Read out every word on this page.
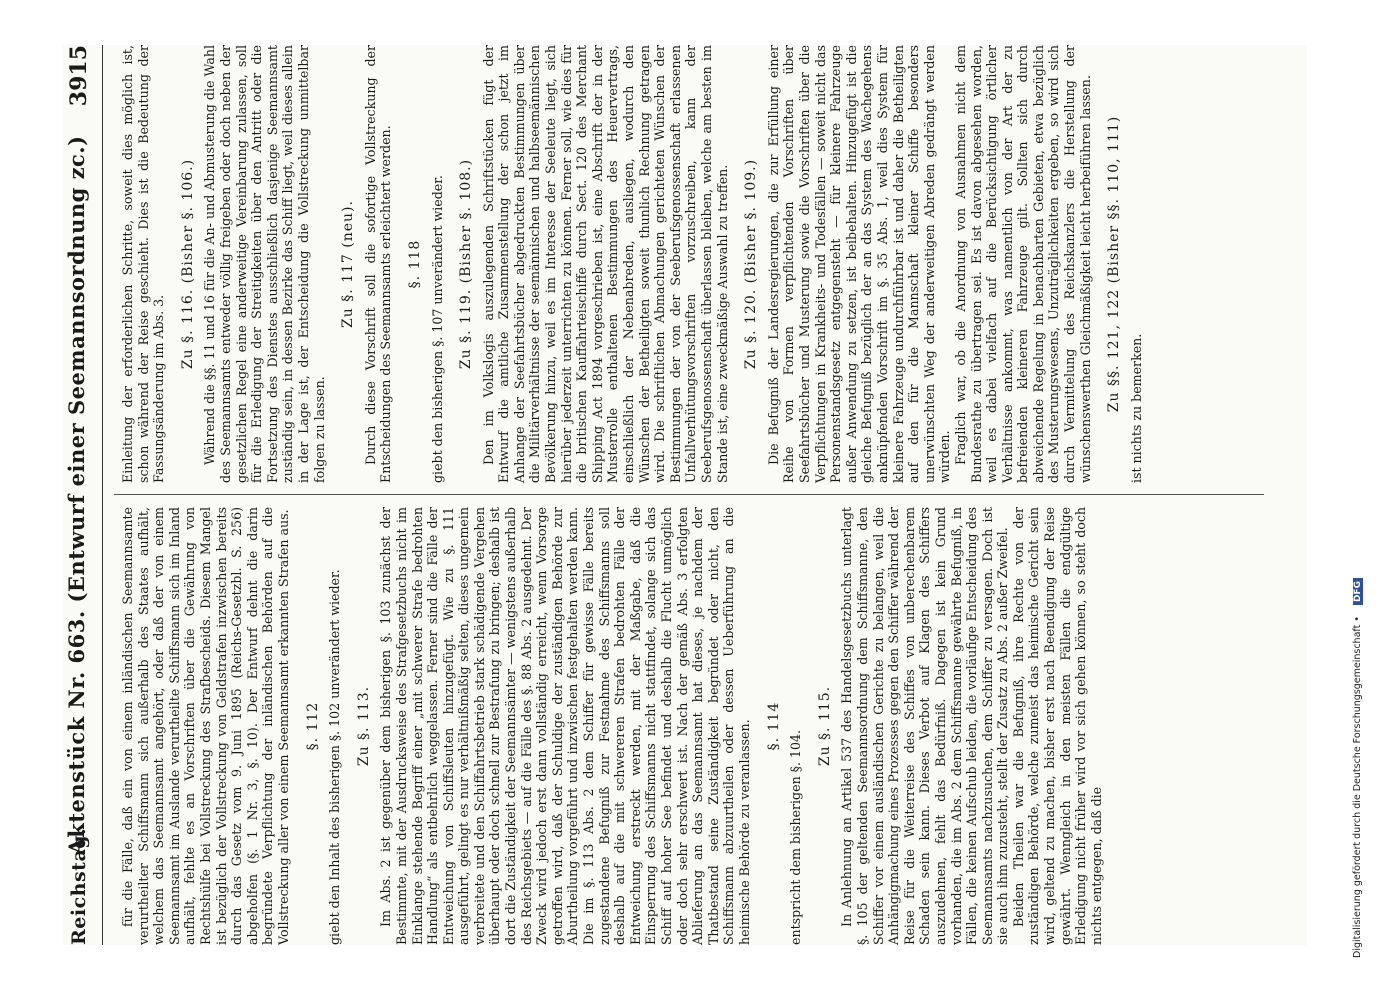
Reichstag.
Aktenstück Nr. 663. (Entwurf einer Seemannsordnung zc.)
3915

für die Fälle, daß ein von einem inländischen Seemannsamte verurtheilter Schiffsmann sich außerhalb des Staates aufhält, welchem das Seemannsamt angehört, oder daß der von einem Seemannsamt im Auslande verurtheilte Schiffsmann sich im Inland aufhält, fehlte es an Vorschriften über die Gewährung von Rechtshülfe bei Vollstreckung des Strafbescheids. Diesem Mangel ist bezüglich der Vollstreckung von Geldstrafen inzwischen bereits durch das Gesetz vom 9. Juni 1895 (Reichs-Gesetzbl. S. 256) abgeholfen (§. 1 Nr. 3, §. 10). Der Entwurf dehnt die darin begründete Verpflichtung der inländischen Behörden auf die Vollstreckung aller von einem Seemannsamt erkannten Strafen aus. §. 112 giebt den Inhalt des bisherigen §. 102 unverändert wieder. Zu §. 113. Im Abs. 2 ist gegenüber dem bisherigen §. 103 zunächst der Bestimmte, mit der Ausdrucksweise des Strafgesetzbuchs nicht im Einklange stehende Begriff einer „mit schwerer Strafe bedrohten Handlung“ als entbehrlich weggelassen. Ferner sind die Fälle der Entweichung von Schiffsleuten hinzugefügt. Wie zu §. 111 ausgeführt, gelingt es nur verhältnißmäßig selten, dieses ungemein verbreitete und den Schiffahrtsbetrieb stark schädigende Vergehen überhaupt oder doch schnell zur Bestrafung zu bringen; deshalb ist dort die Zuständigkeit der Seemannsämter — wenigstens außerhalb des Reichsgebiets — auf die Fälle des §. 88 Abs. 2 ausgedehnt. Der Zweck wird jedoch erst dann vollständig erreicht, wenn Vorsorge getroffen wird, daß der Schuldige der zuständigen Behörde zur Aburtheilung vorgeführt und inzwischen festgehalten werden kann. Die im §. 113 Abs. 2 dem Schiffer für gewisse Fälle bereits zugestandene Befugniß zur Festnahme des Schiffsmanns soll deshalb auf die mit schwereren Strafen bedrohten Fälle der Entweichung erstreckt werden, mit der Maßgabe, daß die Einsperrung des Schiffsmanns nicht stattfindet, solange sich das Schiff auf hoher See befindet und deshalb die Flucht unmöglich oder doch sehr erschwert ist. Nach der gemäß Abs. 3 erfolgten Ablieferung an das Seemannsamt hat dieses, je nachdem der Thatbestand seine Zuständigkeit begründet oder nicht, den Schiffsmann abzuurtheilen oder dessen Ueberführung an die heimische Behörde zu veranlassen. §. 114

entspricht dem bisherigen §. 104.

Zu §. 115. In Anlehnung an Artikel 537 des Handelsgesetzbuchs unterlagt §. 105 der geltenden Seemannsordnung dem Schiffsmanne, den Schiffer vor einem ausländischen Gerichte zu belangen, weil die Anhängigmachung eines Prozesses gegen den Schiffer während der Reise für die Weiterreise des Schiffes von unberechenbarem Schaden sein kann. Dieses Verbot auf Klagen des Schiffers auszudehnen, fehlt das Bedürfniß. Dagegen ist kein Grund vorhanden, die im Abs. 2 dem Schiffsmanne gewährte Befugniß, in Fällen, die keinen Aufschub leiden, die vorläufige Entscheidung des Seemannsamts nachzusuchen, dem Schiffer zu versagen. Doch ist sie auch ihm zuzusteht, stellt der Zusatz zu Abs. 2 außer Zweifel. Beiden Theilen war die Befugniß, ihre Rechte von der zuständigen Behörde, welche zumeist das heimische Gericht sein wird, geltend zu machen, bisher erst nach Beendigung der Reise gewährt. Wenngleich in den meisten Fällen die endgültige Erledigung nicht früher wird vor sich gehen können, so steht doch nichts entgegen, daß die

Einleitung der erforderlichen Schritte, soweit dies möglich ist, schon während der Reise geschieht. Dies ist die Bedeutung der Fassungsänderung im Abs. 3.

Zu §. 116. (Bisher §. 106.) Während die §§. 11 und 16 für die An- und Abmusterung die Wahl des Seemannsamts entweder völlig freigeben oder doch neben der gesetzlichen Regel eine anderweitige Vereinbarung zulassen, soll für die Erledigung der Streitigkeiten über den Antritt oder die Fortsetzung des Dienstes ausschließlich dasjenige Seemannsamt zuständig sein, in dessen Bezirke das Schiff liegt, weil dieses allein in der Lage ist, der Entscheidung die Vollstreckung unmittelbar folgen zu lassen.

Zu §. 117 (neu). Durch diese Vorschrift soll die sofortige Vollstreckung der Entscheidungen des Seemannsamts erleichtert werden. §. 118 giebt den bisherigen §. 107 unverändert wieder. Zu §. 119. (Bisher §. 108.) Den im Volkslogis auszulegenden Schriftstücken fügt der Entwurf die amtliche Zusammenstellung der schon jetzt im Anhange der Seefahrtsbücher abgedruckten Bestimmungen über die Militärverhältnisse der seemännischen und halbseemännischen Bevölkerung hinzu, weil es im Interesse der Seeleute liegt, sich hierüber jederzeit unterrichten zu können. Ferner soll, wie dies für die britischen Kauffahrteischiffe durch Sect. 120 des Merchant Shipping Act 1894 vorgeschrieben ist, eine Abschrift der in der Musterrolle enthaltenen Bestimmungen des Heuervertrags, einschließlich der Nebenabreden, ausliegen, wodurch den Wünschen der Betheiligten soweit thunlich Rechnung getragen wird. Die schriftlichen Abmachungen gerichteten Wünschen der Bestimmungen der von der Seeberufsgenossenschaft erlassenen Unfallverhütungsvorschriften vorzuschreiben, kann der Seeberufsgenossenschaft überlassen bleiben, welche am besten im Stande ist, eine zweckmäßige Auswahl zu treffen. Zu §. 120. (Bisher §. 109.) Die Befugniß der Landesregierungen, die zur Erfüllung einer Reihe von Formen verpflichtenden Vorschriften über Seefahrtsbücher und Musterung sowie die Vorschriften über die Verpflichtungen in Krankheits- und Todesfällen — soweit nicht das Personenstandsgesetz entgegensteht — für kleinere Fahrzeuge außer Anwendung zu setzen, ist beibehalten. Hinzugefügt ist die gleiche Befugniß bezüglich der an das System des Wachegehens anknüpfenden Vorschrift im §. 35 Abs. 1, weil dies System für kleinere Fahrzeuge undurchführbar ist und daher die Betheiligten auf den für die Mannschaft kleiner Schiffe besonders unerwünschten Weg der anderweitigen Abreden gedrängt werden würden. Fraglich war, ob die Anordnung von Ausnahmen nicht dem Bundesrathe zu übertragen sei. Es ist davon abgesehen worden, weil es dabei vielfach auf die Berücksichtigung örtlicher Verhältnisse ankommt, was namentlich von der Art der zu befreienden kleineren Fahrzeuge gilt. Sollten sich durch abweichende Regelung in benachbarten Gebieten, etwa bezüglich des Musterungswesens, Unzuträglichkeiten ergeben, so wird sich durch Vermittelung des Reichskanzlers die Herstellung der wünschenswerthen Gleichmäßigkeit leicht herbeiführen lassen. Zu §§. 121, 122 (Bisher §§. 110, 111) ist nichts zu bemerken.

Digitalisierung gefördert durch die Deutsche Forschungsgemeinschaft • DFG
